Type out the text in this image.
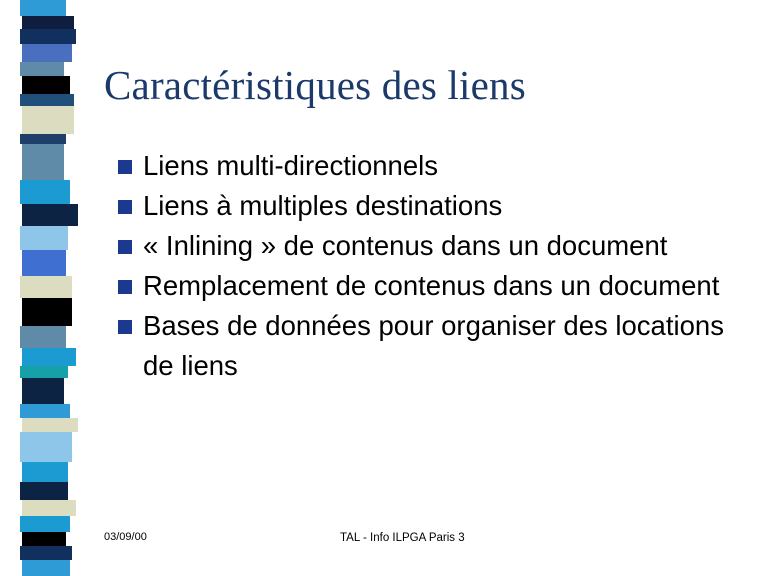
Caractéristiques des liens
Liens multi-directionnels
Liens à multiples destinations
« Inlining » de contenus dans un document
Remplacement de contenus dans un document
Bases de données pour organiser des locations de liens
03/09/00	TAL - Info ILPGA Paris 3
